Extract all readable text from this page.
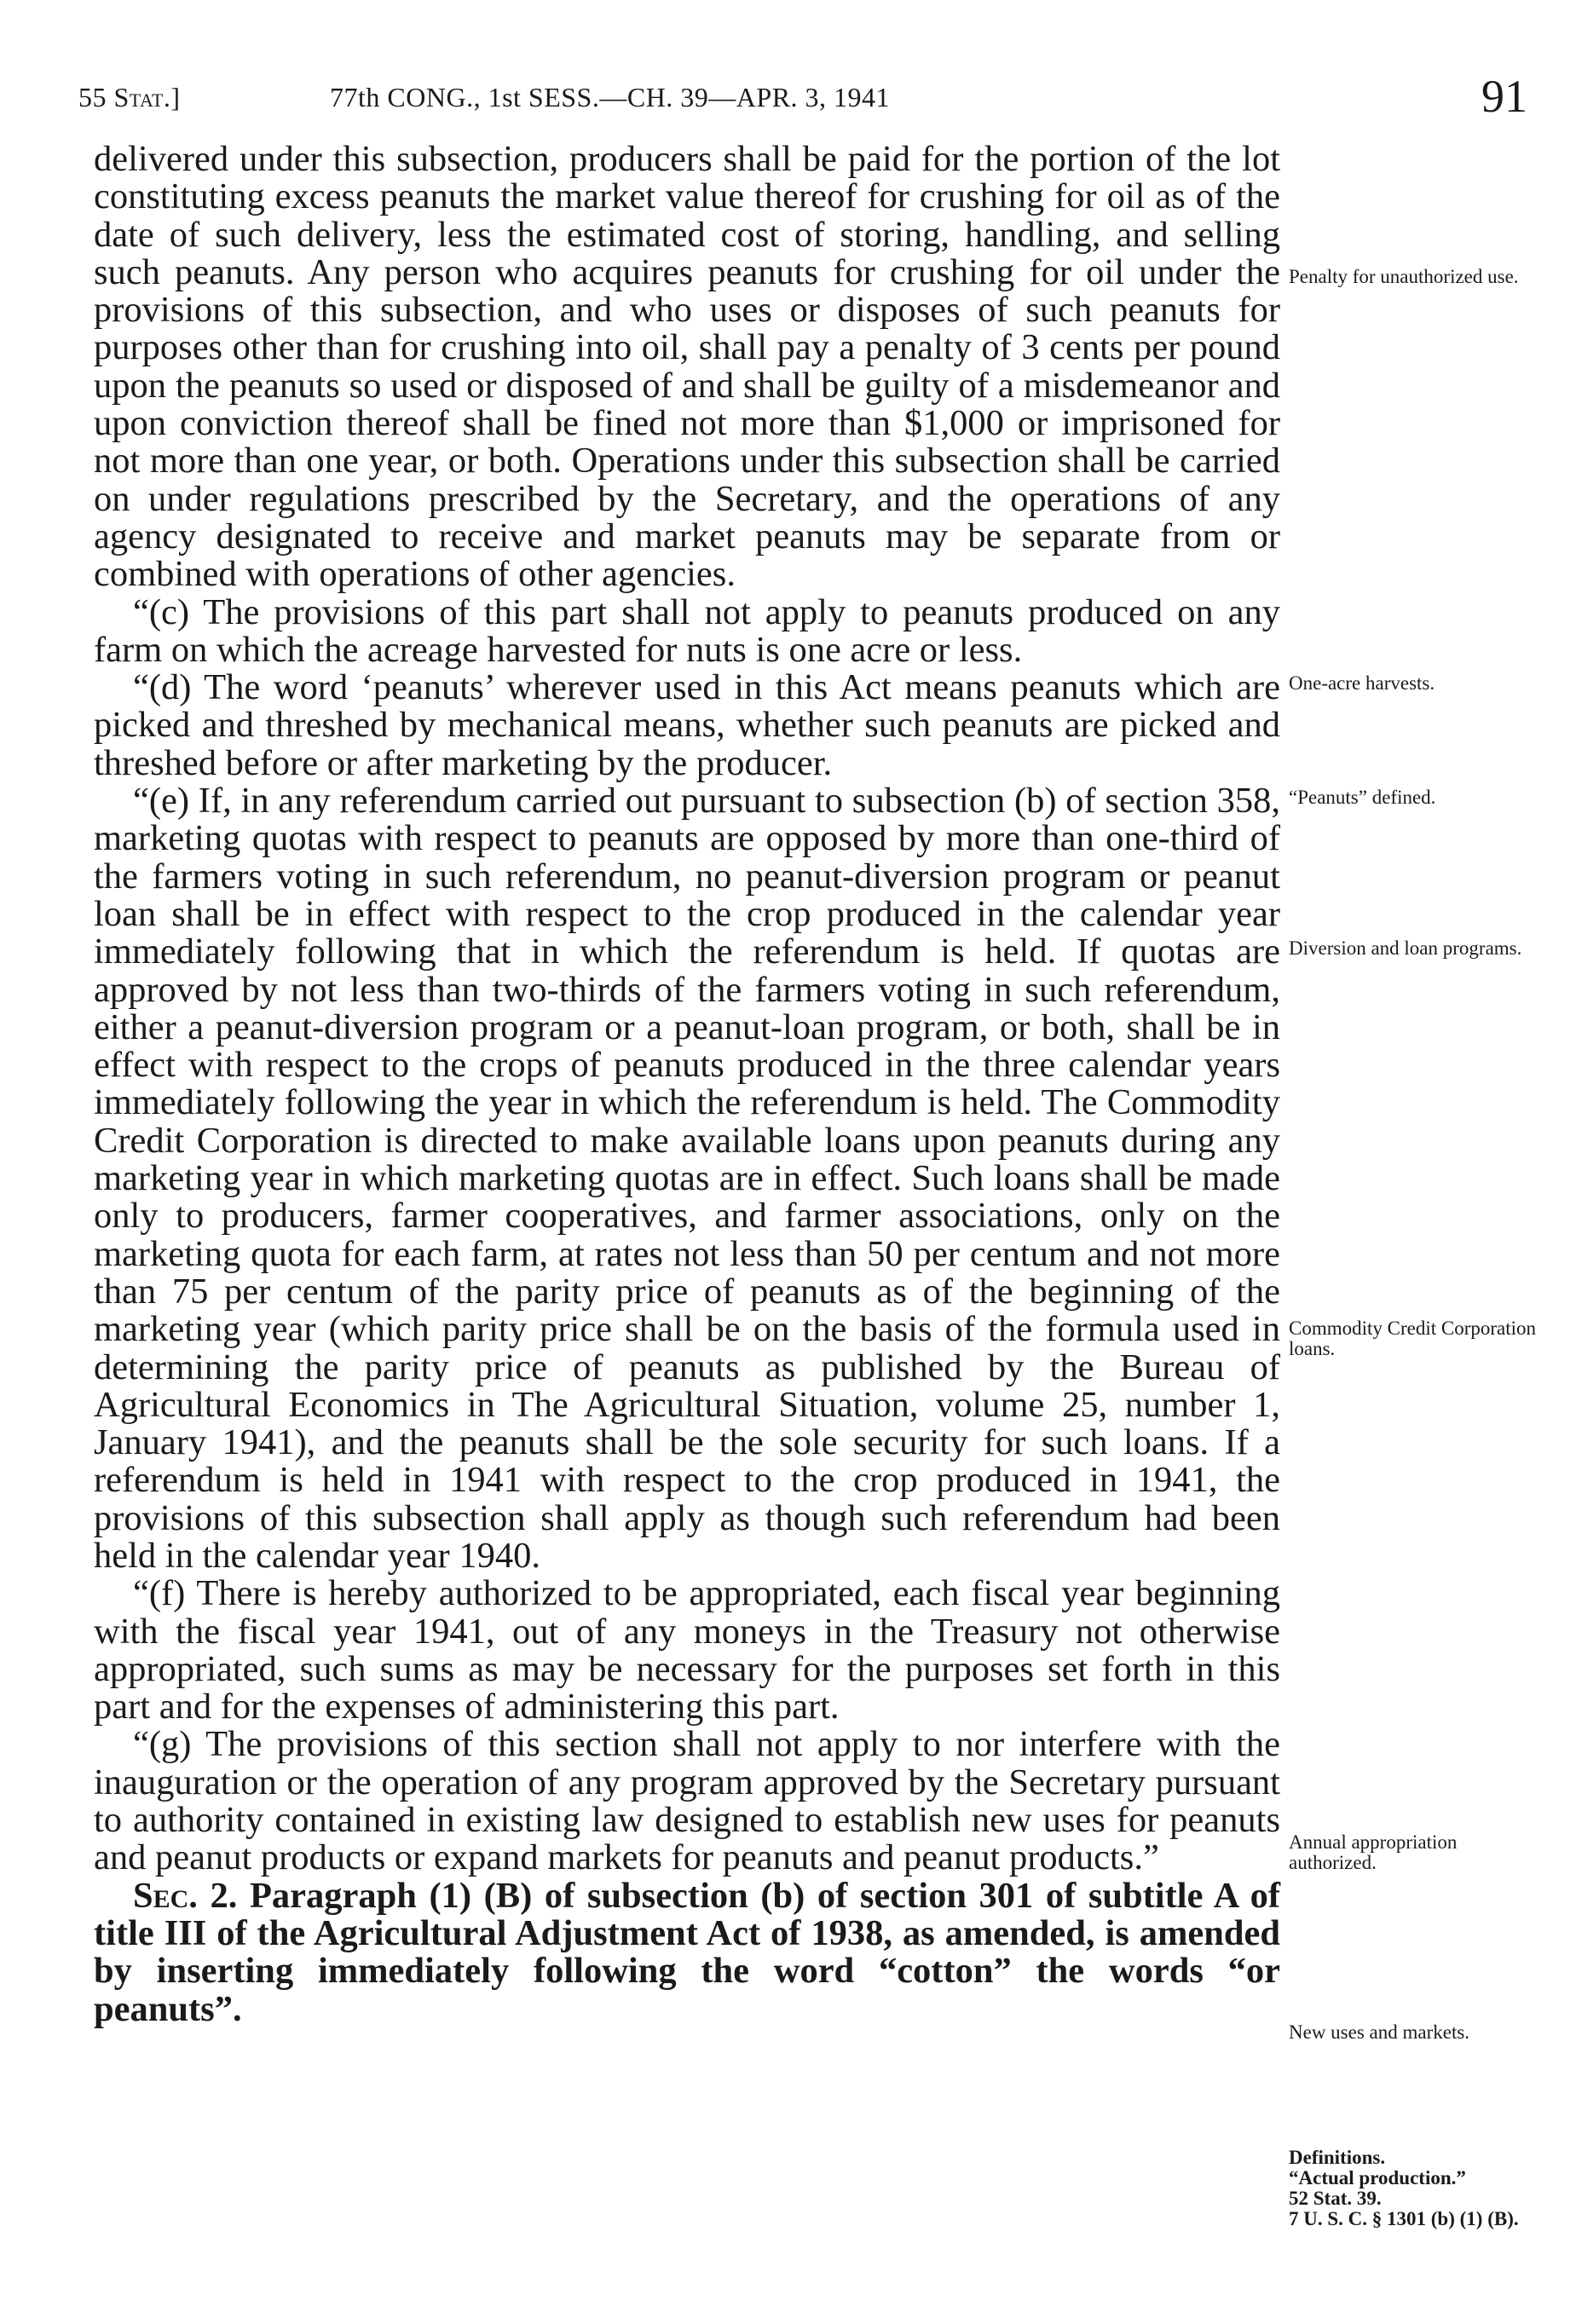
55 Stat.]	77th CONG., 1st SESS.—CH. 39—APR. 3, 1941	91

delivered under this subsection, producers shall be paid for the portion of the lot constituting excess peanuts the market value thereof for crushing for oil as of the date of such delivery, less the estimated cost of storing, handling, and selling such peanuts. Any person who acquires peanuts for crushing for oil under the provisions of this subsection, and who uses or disposes of such peanuts for purposes other than for crushing into oil, shall pay a penalty of 3 cents per pound upon the peanuts so used or disposed of and shall be guilty of a misdemeanor and upon conviction thereof shall be fined not more than $1,000 or imprisoned for not more than one year, or both. Operations under this subsection shall be carried on under regulations prescribed by the Secretary, and the operations of any agency designated to receive and market peanuts may be separate from or combined with operations of other agencies.

“(c) The provisions of this part shall not apply to peanuts produced on any farm on which the acreage harvested for nuts is one acre or less.

“(d) The word ‘peanuts’ wherever used in this Act means peanuts which are picked and threshed by mechanical means, whether such peanuts are picked and threshed before or after marketing by the producer.

“(e) If, in any referendum carried out pursuant to subsection (b) of section 358, marketing quotas with respect to peanuts are opposed by more than one-third of the farmers voting in such referendum, no peanut-diversion program or peanut loan shall be in effect with respect to the crop produced in the calendar year immediately following that in which the referendum is held. If quotas are approved by not less than two-thirds of the farmers voting in such referendum, either a peanut-diversion program or a peanut-loan program, or both, shall be in effect with respect to the crops of peanuts produced in the three calendar years immediately following the year in which the referendum is held. The Commodity Credit Corporation is directed to make available loans upon peanuts during any marketing year in which marketing quotas are in effect. Such loans shall be made only to producers, farmer cooperatives, and farmer associations, only on the marketing quota for each farm, at rates not less than 50 per centum and not more than 75 per centum of the parity price of peanuts as of the beginning of the marketing year (which parity price shall be on the basis of the formula used in determining the parity price of peanuts as published by the Bureau of Agricultural Economics in The Agricultural Situation, volume 25, number 1, January 1941), and the peanuts shall be the sole security for such loans. If a referendum is held in 1941 with respect to the crop produced in 1941, the provisions of this subsection shall apply as though such referendum had been held in the calendar year 1940.

“(f) There is hereby authorized to be appropriated, each fiscal year beginning with the fiscal year 1941, out of any moneys in the Treasury not otherwise appropriated, such sums as may be necessary for the purposes set forth in this part and for the expenses of administering this part.

“(g) The provisions of this section shall not apply to nor interfere with the inauguration or the operation of any program approved by the Secretary pursuant to authority contained in existing law designed to establish new uses for peanuts and peanut products or expand markets for peanuts and peanut products.”

Sec. 2. Paragraph (1) (B) of subsection (b) of section 301 of subtitle A of title III of the Agricultural Adjustment Act of 1938, as amended, is amended by inserting immediately following the word “cotton” the words “or peanuts”.

Penalty for unauthorized use.
One-acre harvests.
“Peanuts” defined.
Diversion and loan programs.
Commodity Credit Corporation loans.
Annual appropriation authorized.
New uses and markets.
Definitions.
“Actual production.”
52 Stat. 39.
7 U. S. C. § 1301 (b) (1) (B).
